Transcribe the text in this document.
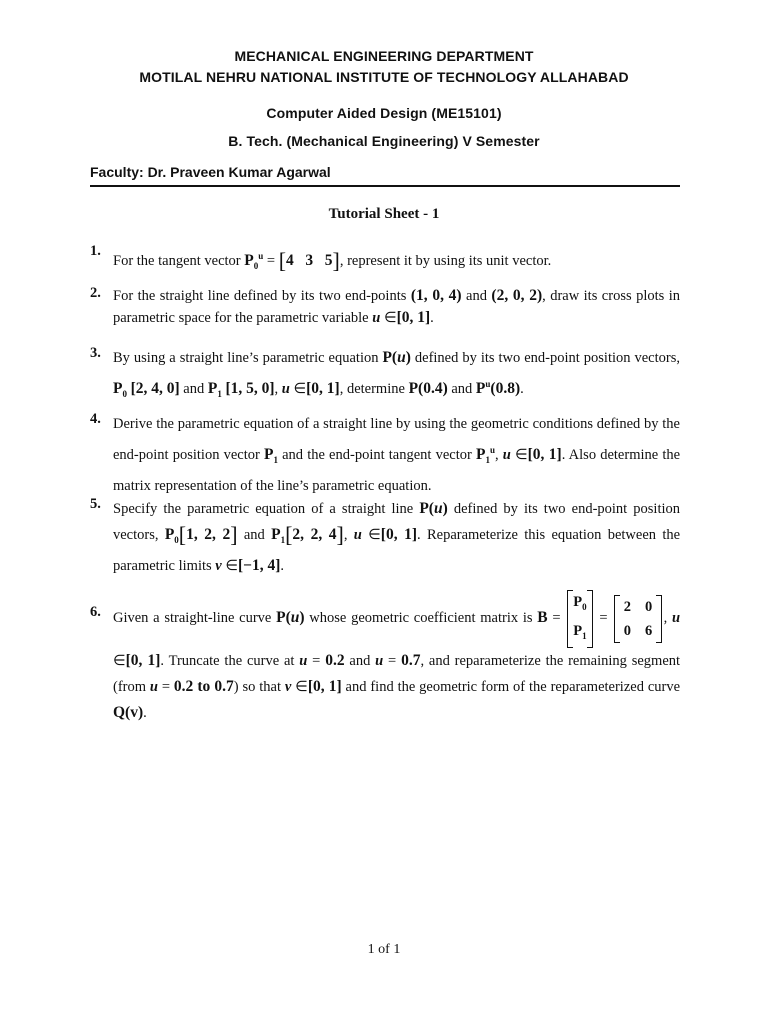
MECHANICAL ENGINEERING DEPARTMENT
MOTILAL NEHRU NATIONAL INSTITUTE OF TECHNOLOGY ALLAHABAD
Computer Aided Design (ME15101)
B. Tech. (Mechanical Engineering) V Semester
Faculty: Dr. Praveen Kumar Agarwal
Tutorial Sheet - 1
1.

For the tangent vector $P_0^u = [4$   3   5], represent it by using its unit vector.

2. For the straight line defined by its two end-points (1, 0, 4) and (2, 0, 2), draw its cross plots in parametric space for the parametric variable u ∈[0, 1].

3. By using a straight line’s parametric equation P(u) defined by its two end-point position vectors, $P_0$ [2, 4, 0] and $P_1$ [1, 5, 0], u ∈[0, 1], determine P(0.4) and $P^u(0.8)$.

4. Derive the parametric equation of a straight line by using the geometric conditions defined by the end-point position vector $P_1$ and the end-point tangent vector $P_1^u$, u ∈[0, 1]. Also determine the matrix representation of the line’s parametric equation.

5. Specify the parametric equation of a straight line P(u) defined by its two end-point position vectors, $P_0[1$, 2, 2] and $P_1[2$, 2, 4], u ∈[0, 1]. Reparameterize this equation between the parametric limits v ∈[−1, 4].

6. Given a straight-line curve P(u) whose geometric coefficient matrix is B =
$P_0$
$P_1$
=
2 0
0 6
, u ∈[0, 1]. Truncate the curve at u = 0.2 and u = 0.7, and reparameterize the remaining segment (from u = 0.2 to 0.7) so that v ∈[0, 1] and find the geometric form of the reparameterized curve Q(v).

1 of 1
